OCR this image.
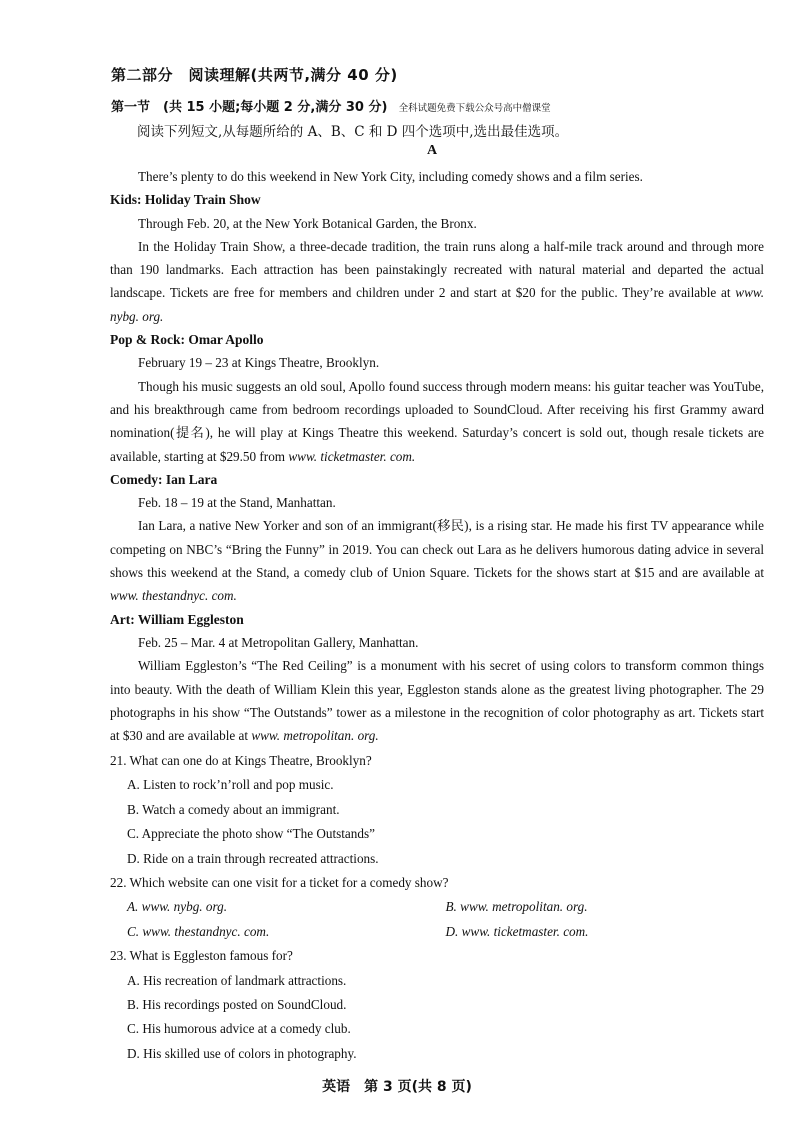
第二部分　阅读理解(共两节,满分 40 分)
第一节　(共 15 小题;每小题 2 分,满分 30 分) 全科试题免费下载公众号高中僧课堂
阅读下列短文,从每题所给的 A、B、C 和 D 四个选项中,选出最佳选项。
A

There’s plenty to do this weekend in New York City, including comedy shows and a film series.

Kids: Holiday Train Show

Through Feb. 20, at the New York Botanical Garden, the Bronx.

In the Holiday Train Show, a three-decade tradition, the train runs along a half-mile track around and through more than 190 landmarks. Each attraction has been painstakingly recreated with natural material and departed the actual landscape. Tickets are free for members and children under 2 and start at $20 for the public. They’re available at www. nybg. org.

Pop & Rock: Omar Apollo

February 19 – 23 at Kings Theatre, Brooklyn.

Though his music suggests an old soul, Apollo found success through modern means: his guitar teacher was YouTube, and his breakthrough came from bedroom recordings uploaded to SoundCloud. After receiving his first Grammy award nomination(提名), he will play at Kings Theatre this weekend. Saturday’s concert is sold out, though resale tickets are available, starting at $29.50 from www. ticketmaster. com.

Comedy: Ian Lara

Feb. 18 – 19 at the Stand, Manhattan.

Ian Lara, a native New Yorker and son of an immigrant(移民), is a rising star. He made his first TV appearance while competing on NBC’s “Bring the Funny” in 2019. You can check out Lara as he delivers humorous dating advice in several shows this weekend at the Stand, a comedy club of Union Square. Tickets for the shows start at $15 and are available at www. thestandnyc. com.

Art: William Eggleston

Feb. 25 – Mar. 4 at Metropolitan Gallery, Manhattan.

William Eggleston’s “The Red Ceiling” is a monument with his secret of using colors to transform common things into beauty. With the death of William Klein this year, Eggleston stands alone as the greatest living photographer. The 29 photographs in his show “The Outstands” tower as a milestone in the recognition of color photography as art. Tickets start at $30 and are available at www. metropolitan. org.

21. What can one do at Kings Theatre, Brooklyn?

A. Listen to rock’n’roll and pop music.

B. Watch a comedy about an immigrant.

C. Appreciate the photo show “The Outstands”

D. Ride on a train through recreated attractions.

22. Which website can one visit for a ticket for a comedy show?

A. www. nybg. org.	B. www. metropolitan. org.
C. www. thestandnyc. com.	D. www. ticketmaster. com.

23. What is Eggleston famous for?

A. His recreation of landmark attractions.

B. His recordings posted on SoundCloud.

C. His humorous advice at a comedy club.

D. His skilled use of colors in photography.

英语　第 3 页(共 8 页)
